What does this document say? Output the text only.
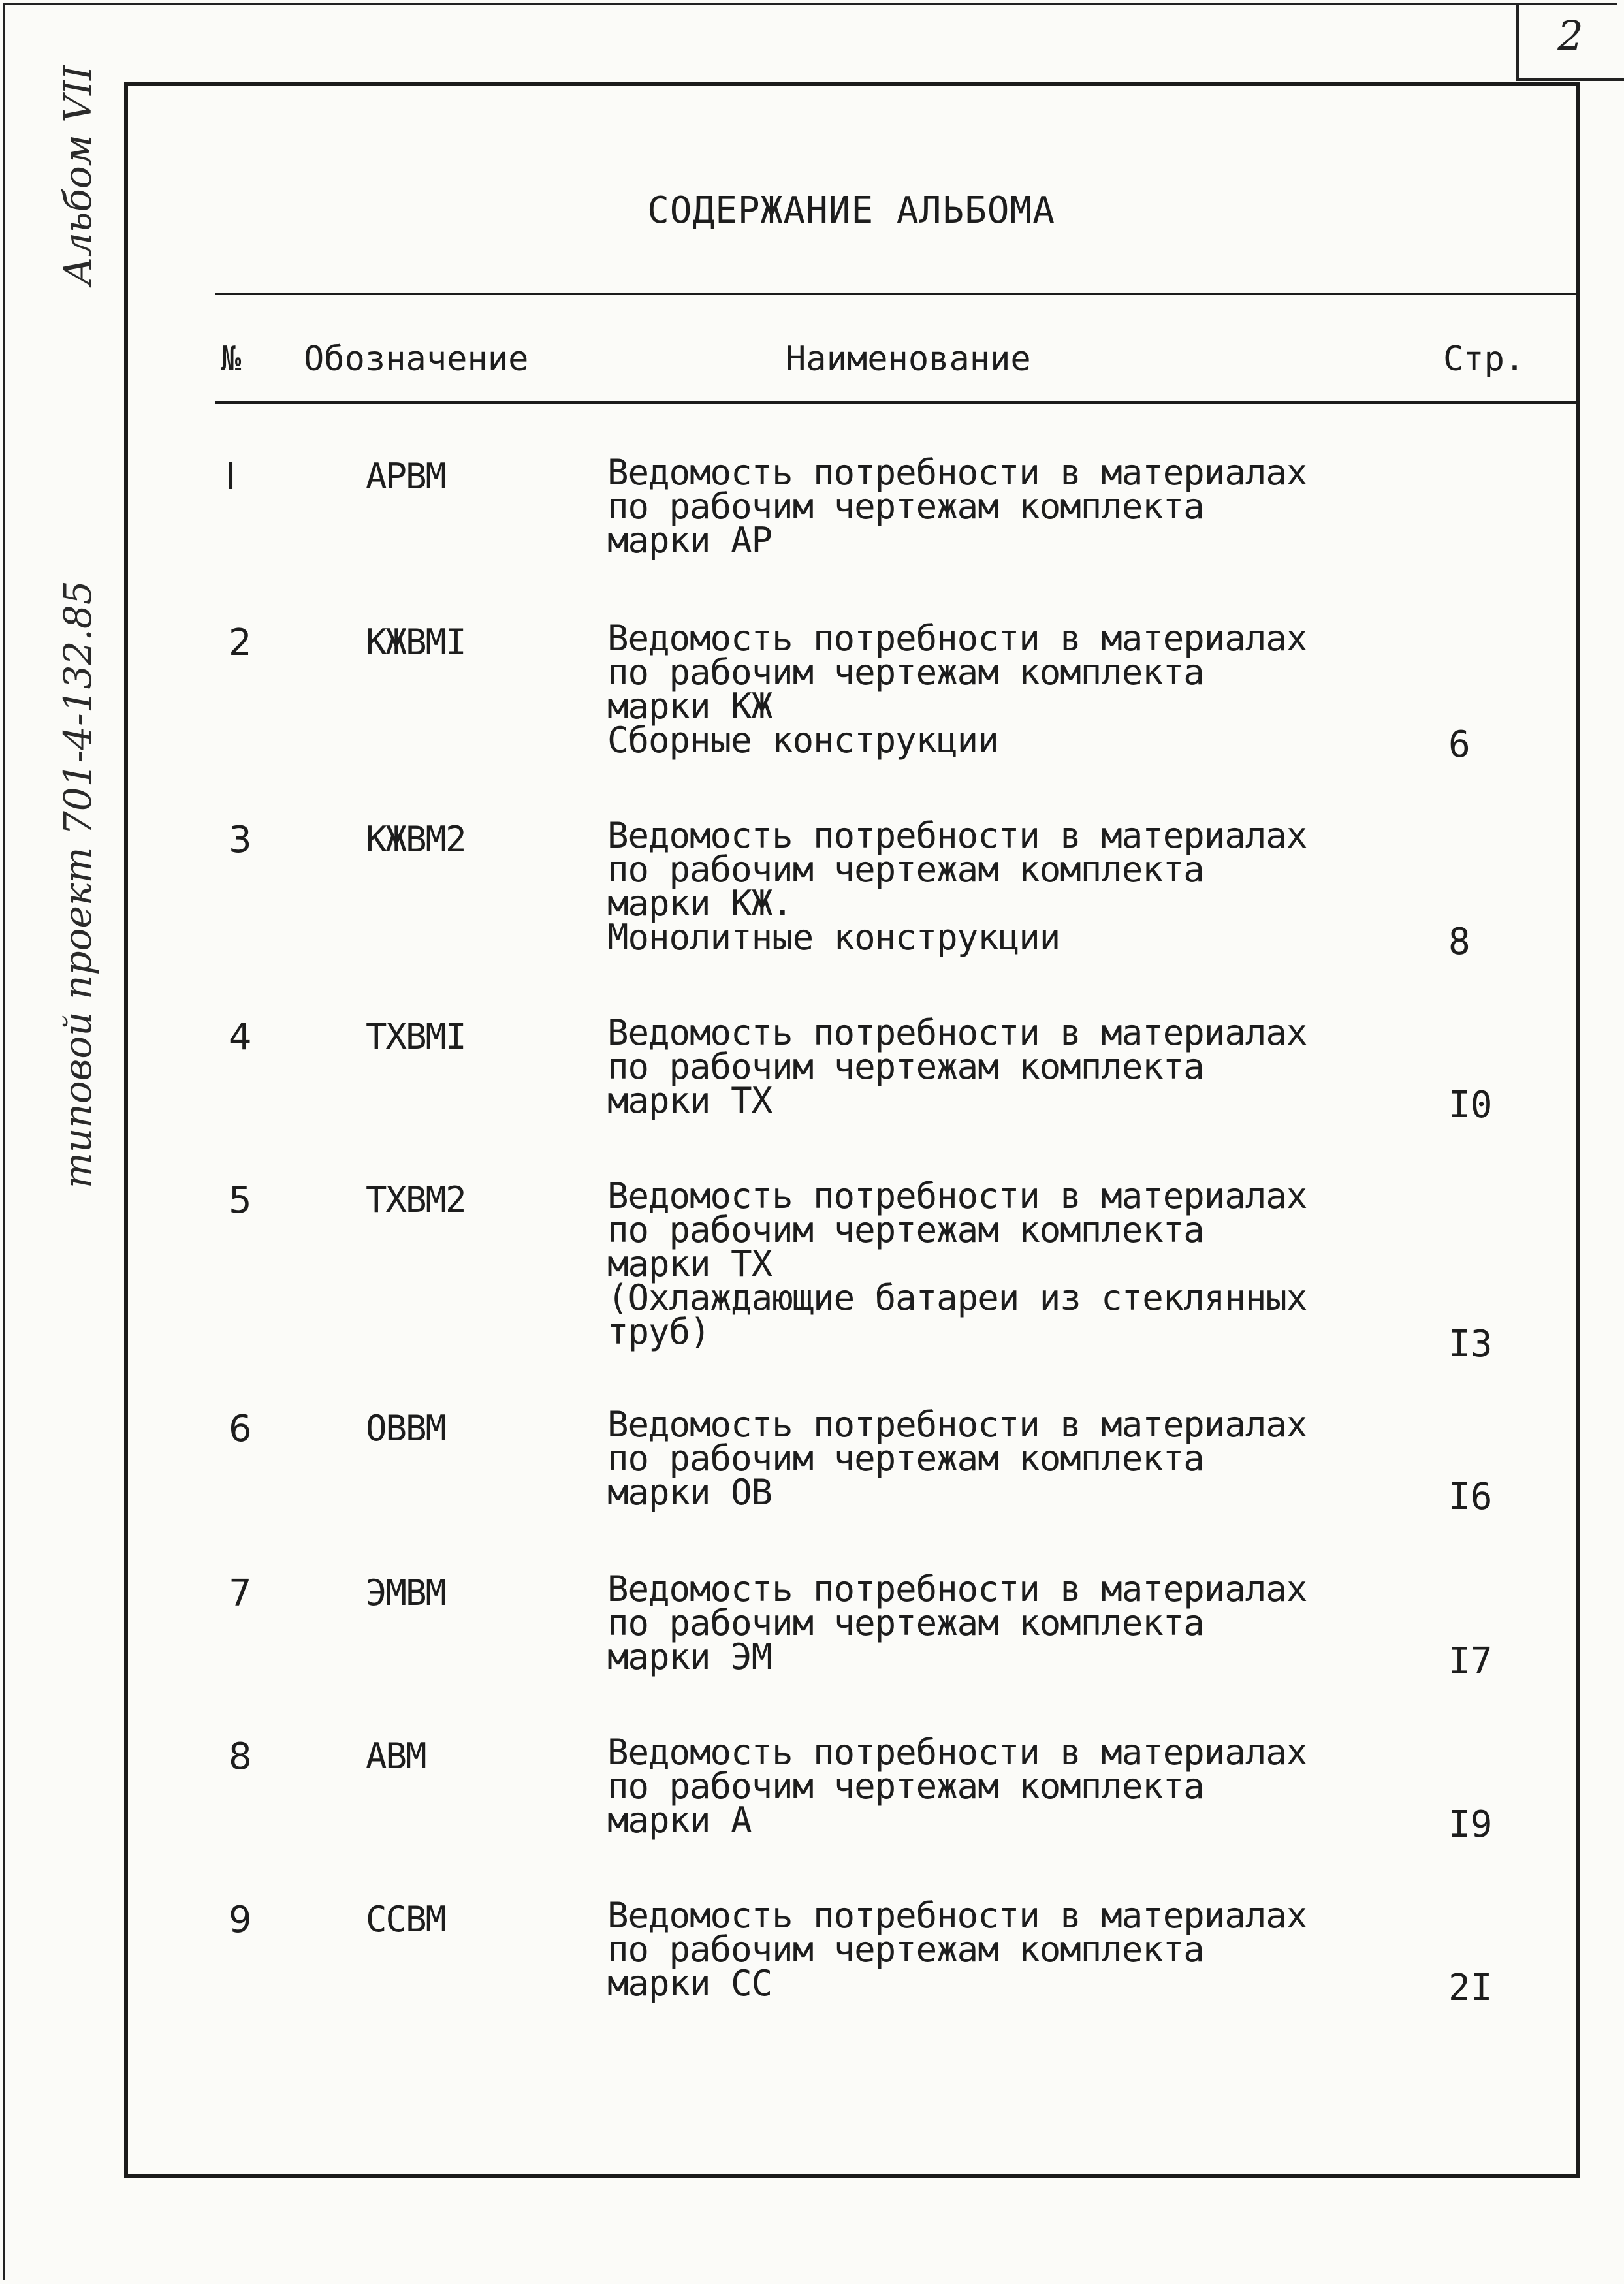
2
типовой проект 701-4-132.85
Альбом VII	СОДЕРЖАНИЕ АЛЬБОМА
№ Обозначение	Наименование	Стр.
I	АРВМ	Ведомость потребности в материалах
по рабочим чертежам комплекта
марки АР
2	КЖВМI	Ведомость потребности в материалах
по рабочим чертежам комплекта
марки КЖ
Сборные конструкции	6
3	КЖВМ2	Ведомость потребности в материалах
по рабочим чертежам комплекта
марки КЖ.
Монолитные конструкции	8
4	ТХВМI	Ведомость потребности в материалах
по рабочим чертежам комплекта
марки ТХ	I0
5	ТХВМ2	Ведомость потребности в материалах
по рабочим чертежам комплекта
марки ТХ
(Охлаждающие батареи из стеклянных
труб)	I3
6	ОВВМ	Ведомость потребности в материалах
по рабочим чертежам комплекта
марки ОВ	I6
7	ЭМВМ	Ведомость потребности в материалах
по рабочим чертежам комплекта
марки ЭМ	I7
8	АВМ	Ведомость потребности в материалах
по рабочим чертежам комплекта
марки А	I9
9	ССВМ	Ведомость потребности в материалах
по рабочим чертежам комплекта
марки СС	2I
